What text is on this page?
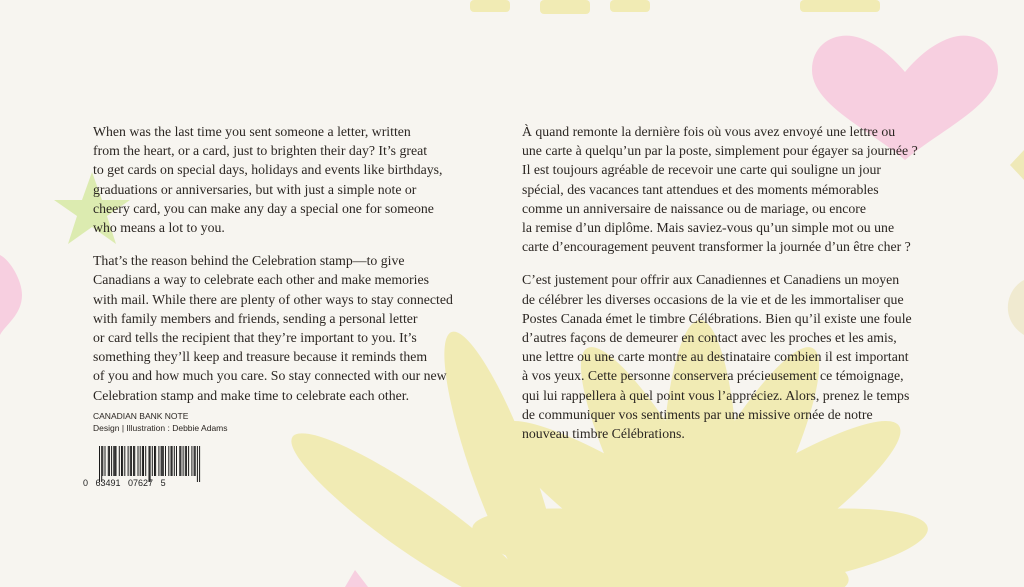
When was the last time you sent someone a letter, written
from the heart, or a card, just to brighten their day? It’s great
to get cards on special days, holidays and events like birthdays,
graduations or anniversaries, but with just a simple note or
cheery card, you can make any day a special one for someone
who means a lot to you.

That’s the reason behind the Celebration stamp—to give
Canadians a way to celebrate each other and make memories
with mail. While there are plenty of other ways to stay connected
with family members and friends, sending a personal letter
or card tells the recipient that they’re important to you. It’s
something they’ll keep and treasure because it reminds them
of you and how much you care. So stay connected with our new
Celebration stamp and make time to celebrate each other.

À quand remonte la dernière fois où vous avez envoyé une lettre ou
une carte à quelqu’un par la poste, simplement pour égayer sa journée ?
Il est toujours agréable de recevoir une carte qui souligne un jour
spécial, des vacances tant attendues et des moments mémorables
comme un anniversaire de naissance ou de mariage, ou encore
la remise d’un diplôme. Mais saviez-vous qu’un simple mot ou une
carte d’encouragement peuvent transformer la journée d’un être cher ?

C’est justement pour offrir aux Canadiennes et Canadiens un moyen
de célébrer les diverses occasions de la vie et de les immortaliser que
Postes Canada émet le timbre Célébrations. Bien qu’il existe une foule
d’autres façons de demeurer en contact avec les proches et les amis,
une lettre ou une carte montre au destinataire combien il est important
à vos yeux. Cette personne conservera précieusement ce témoignage,
qui lui rappellera à quel point vous l’appréciez. Alors, prenez le temps
de communiquer vos sentiments par une missive ornée de notre
nouveau timbre Célébrations.

CANADIAN BANK NOTE
Design | Illustration : Debbie Adams
0   63491   07627   5
